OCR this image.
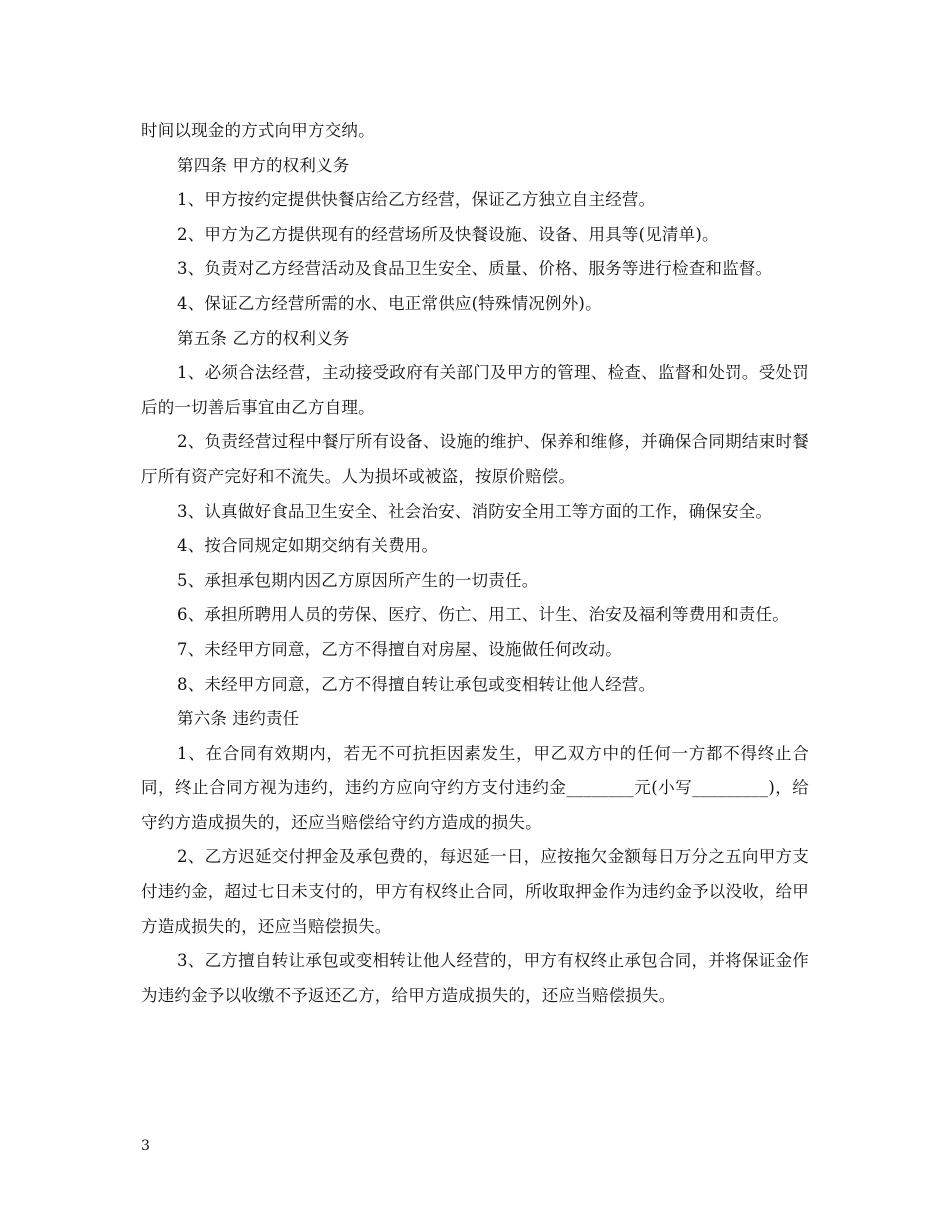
时间以现金的方式向甲方交纳。

第四条 甲方的权利义务

1、甲方按约定提供快餐店给乙方经营，保证乙方独立自主经营。

2、甲方为乙方提供现有的经营场所及快餐设施、设备、用具等(见清单)。

3、负责对乙方经营活动及食品卫生安全、质量、价格、服务等进行检查和监督。

4、保证乙方经营所需的水、电正常供应(特殊情况例外)。

第五条 乙方的权利义务

1、必须合法经营，主动接受政府有关部门及甲方的管理、检查、监督和处罚。受处罚后的一切善后事宜由乙方自理。

2、负责经营过程中餐厅所有设备、设施的维护、保养和维修，并确保合同期结束时餐厅所有资产完好和不流失。人为损坏或被盗，按原价赔偿。

3、认真做好食品卫生安全、社会治安、消防安全用工等方面的工作，确保安全。

4、按合同规定如期交纳有关费用。

5、承担承包期内因乙方原因所产生的一切责任。

6、承担所聘用人员的劳保、医疗、伤亡、用工、计生、治安及福利等费用和责任。

7、未经甲方同意，乙方不得擅自对房屋、设施做任何改动。

8、未经甲方同意，乙方不得擅自转让承包或变相转让他人经营。

第六条 违约责任

1、在合同有效期内，若无不可抗拒因素发生，甲乙双方中的任何一方都不得终止合同，终止合同方视为违约，违约方应向守约方支付违约金________元(小写_________)，给守约方造成损失的，还应当赔偿给守约方造成的损失。

2、乙方迟延交付押金及承包费的，每迟延一日，应按拖欠金额每日万分之五向甲方支付违约金，超过七日未支付的，甲方有权终止合同，所收取押金作为违约金予以没收，给甲方造成损失的，还应当赔偿损失。

3、乙方擅自转让承包或变相转让他人经营的，甲方有权终止承包合同，并将保证金作为违约金予以收缴不予返还乙方，给甲方造成损失的，还应当赔偿损失。

3
